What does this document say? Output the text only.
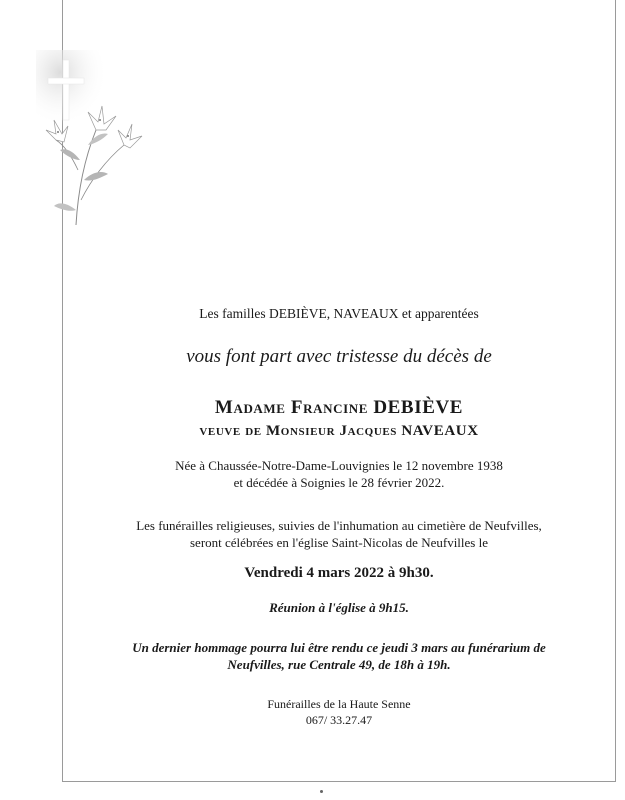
Les familles DEBIÈVE, NAVEAUX et apparentées
vous font part avec tristesse du décès de
Madame Francine DEBIÈVE
veuve de Monsieur Jacques NAVEAUX
Née à Chaussée-Notre-Dame-Louvignies le 12 novembre 1938
et décédée à Soignies le 28 février 2022.
Les funérailles religieuses, suivies de l'inhumation au cimetière de Neufvilles,
seront célébrées en l'église Saint-Nicolas de Neufvilles le
Vendredi 4 mars 2022 à 9h30.
Réunion à l'église à 9h15.
Un dernier hommage pourra lui être rendu ce jeudi 3 mars au funérarium de
Neufvilles, rue Centrale 49, de 18h à 19h.
Funérailles de la Haute Senne
067/ 33.27.47
